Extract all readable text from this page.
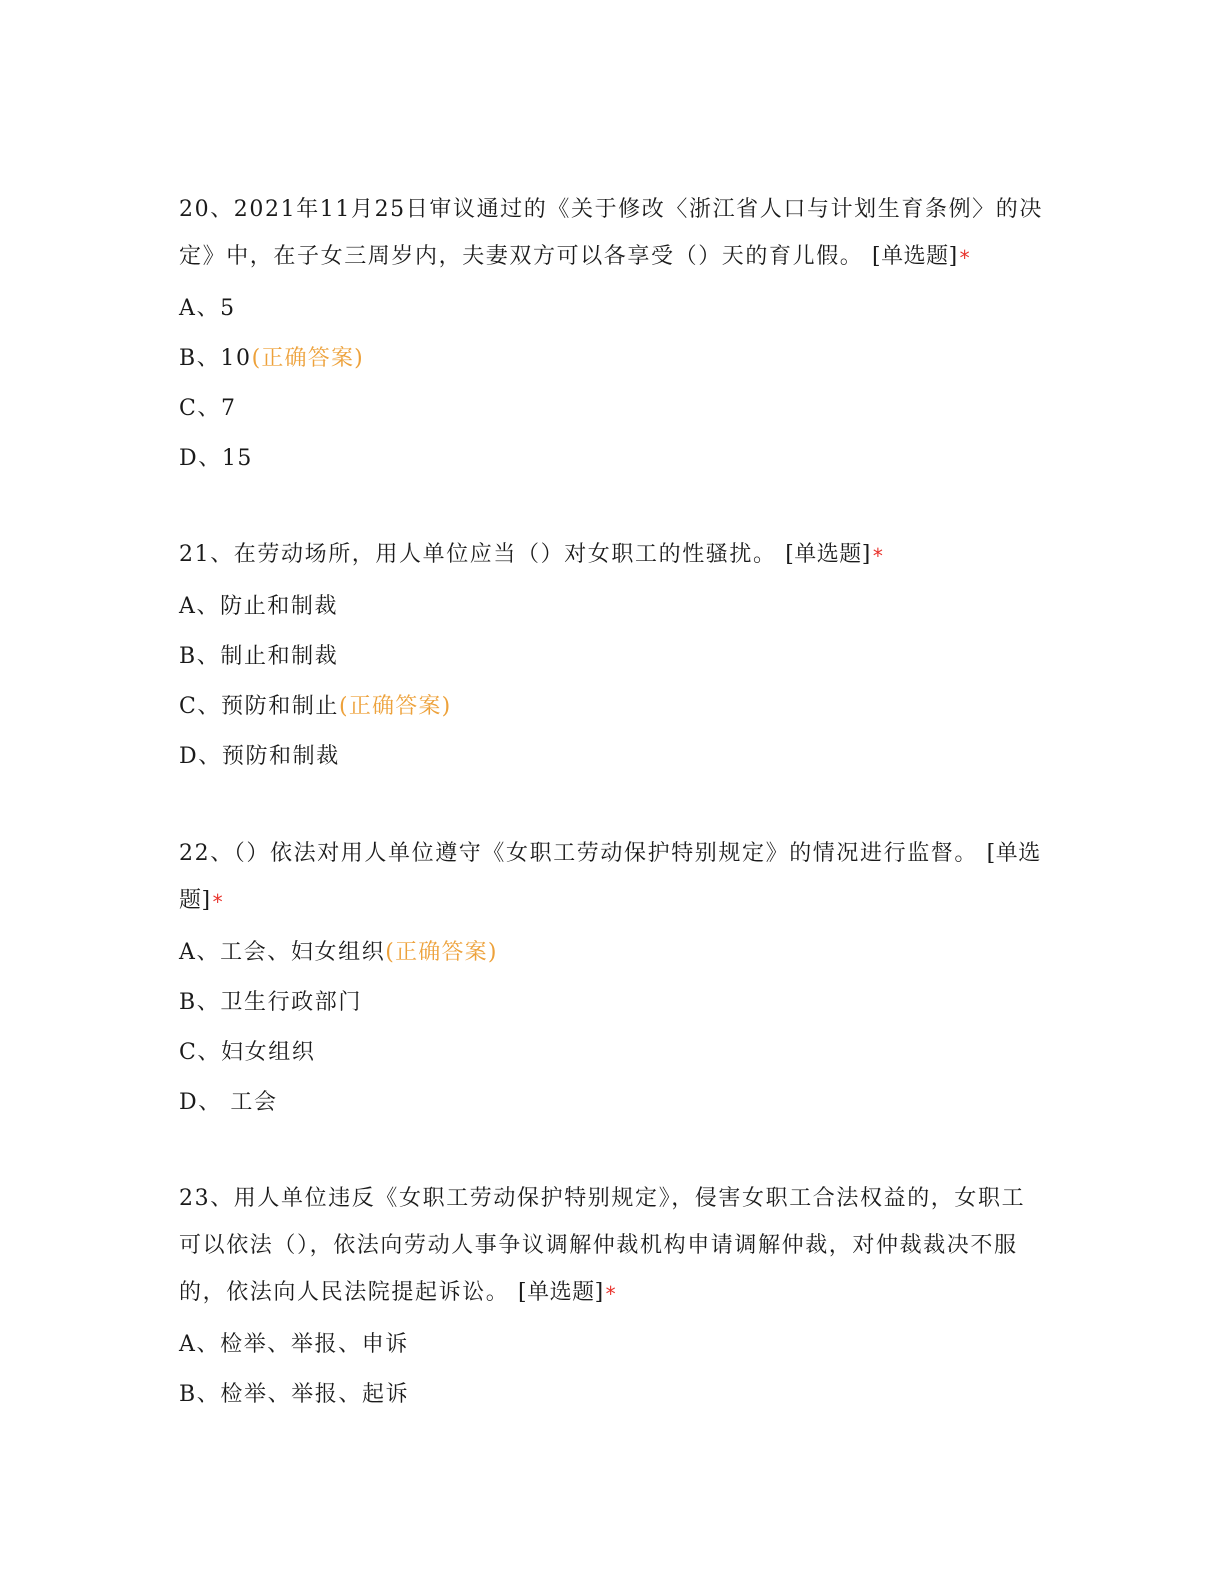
20、2021年11月25日审议通过的《关于修改〈浙江省人口与计划生育条例〉的决定》中，在子女三周岁内，夫妻双方可以各享受（）天的育儿假。 [单选题] *

A、5
B、10(正确答案)
C、7
D、15

21、在劳动场所，用人单位应当（）对女职工的性骚扰。 [单选题] *

A、防止和制裁
B、制止和制裁
C、预防和制止(正确答案)
D、预防和制裁

22、（）依法对用人单位遵守《女职工劳动保护特别规定》的情况进行监督。 [单选题] *

A、工会、妇女组织(正确答案)
B、卫生行政部门
C、妇女组织
D、 工会

23、用人单位违反《女职工劳动保护特别规定》，侵害女职工合法权益的，女职工可以依法（），依法向劳动人事争议调解仲裁机构申请调解仲裁，对仲裁裁决不服的，依法向人民法院提起诉讼。 [单选题] *

A、检举、举报、申诉
B、检举、举报、起诉
